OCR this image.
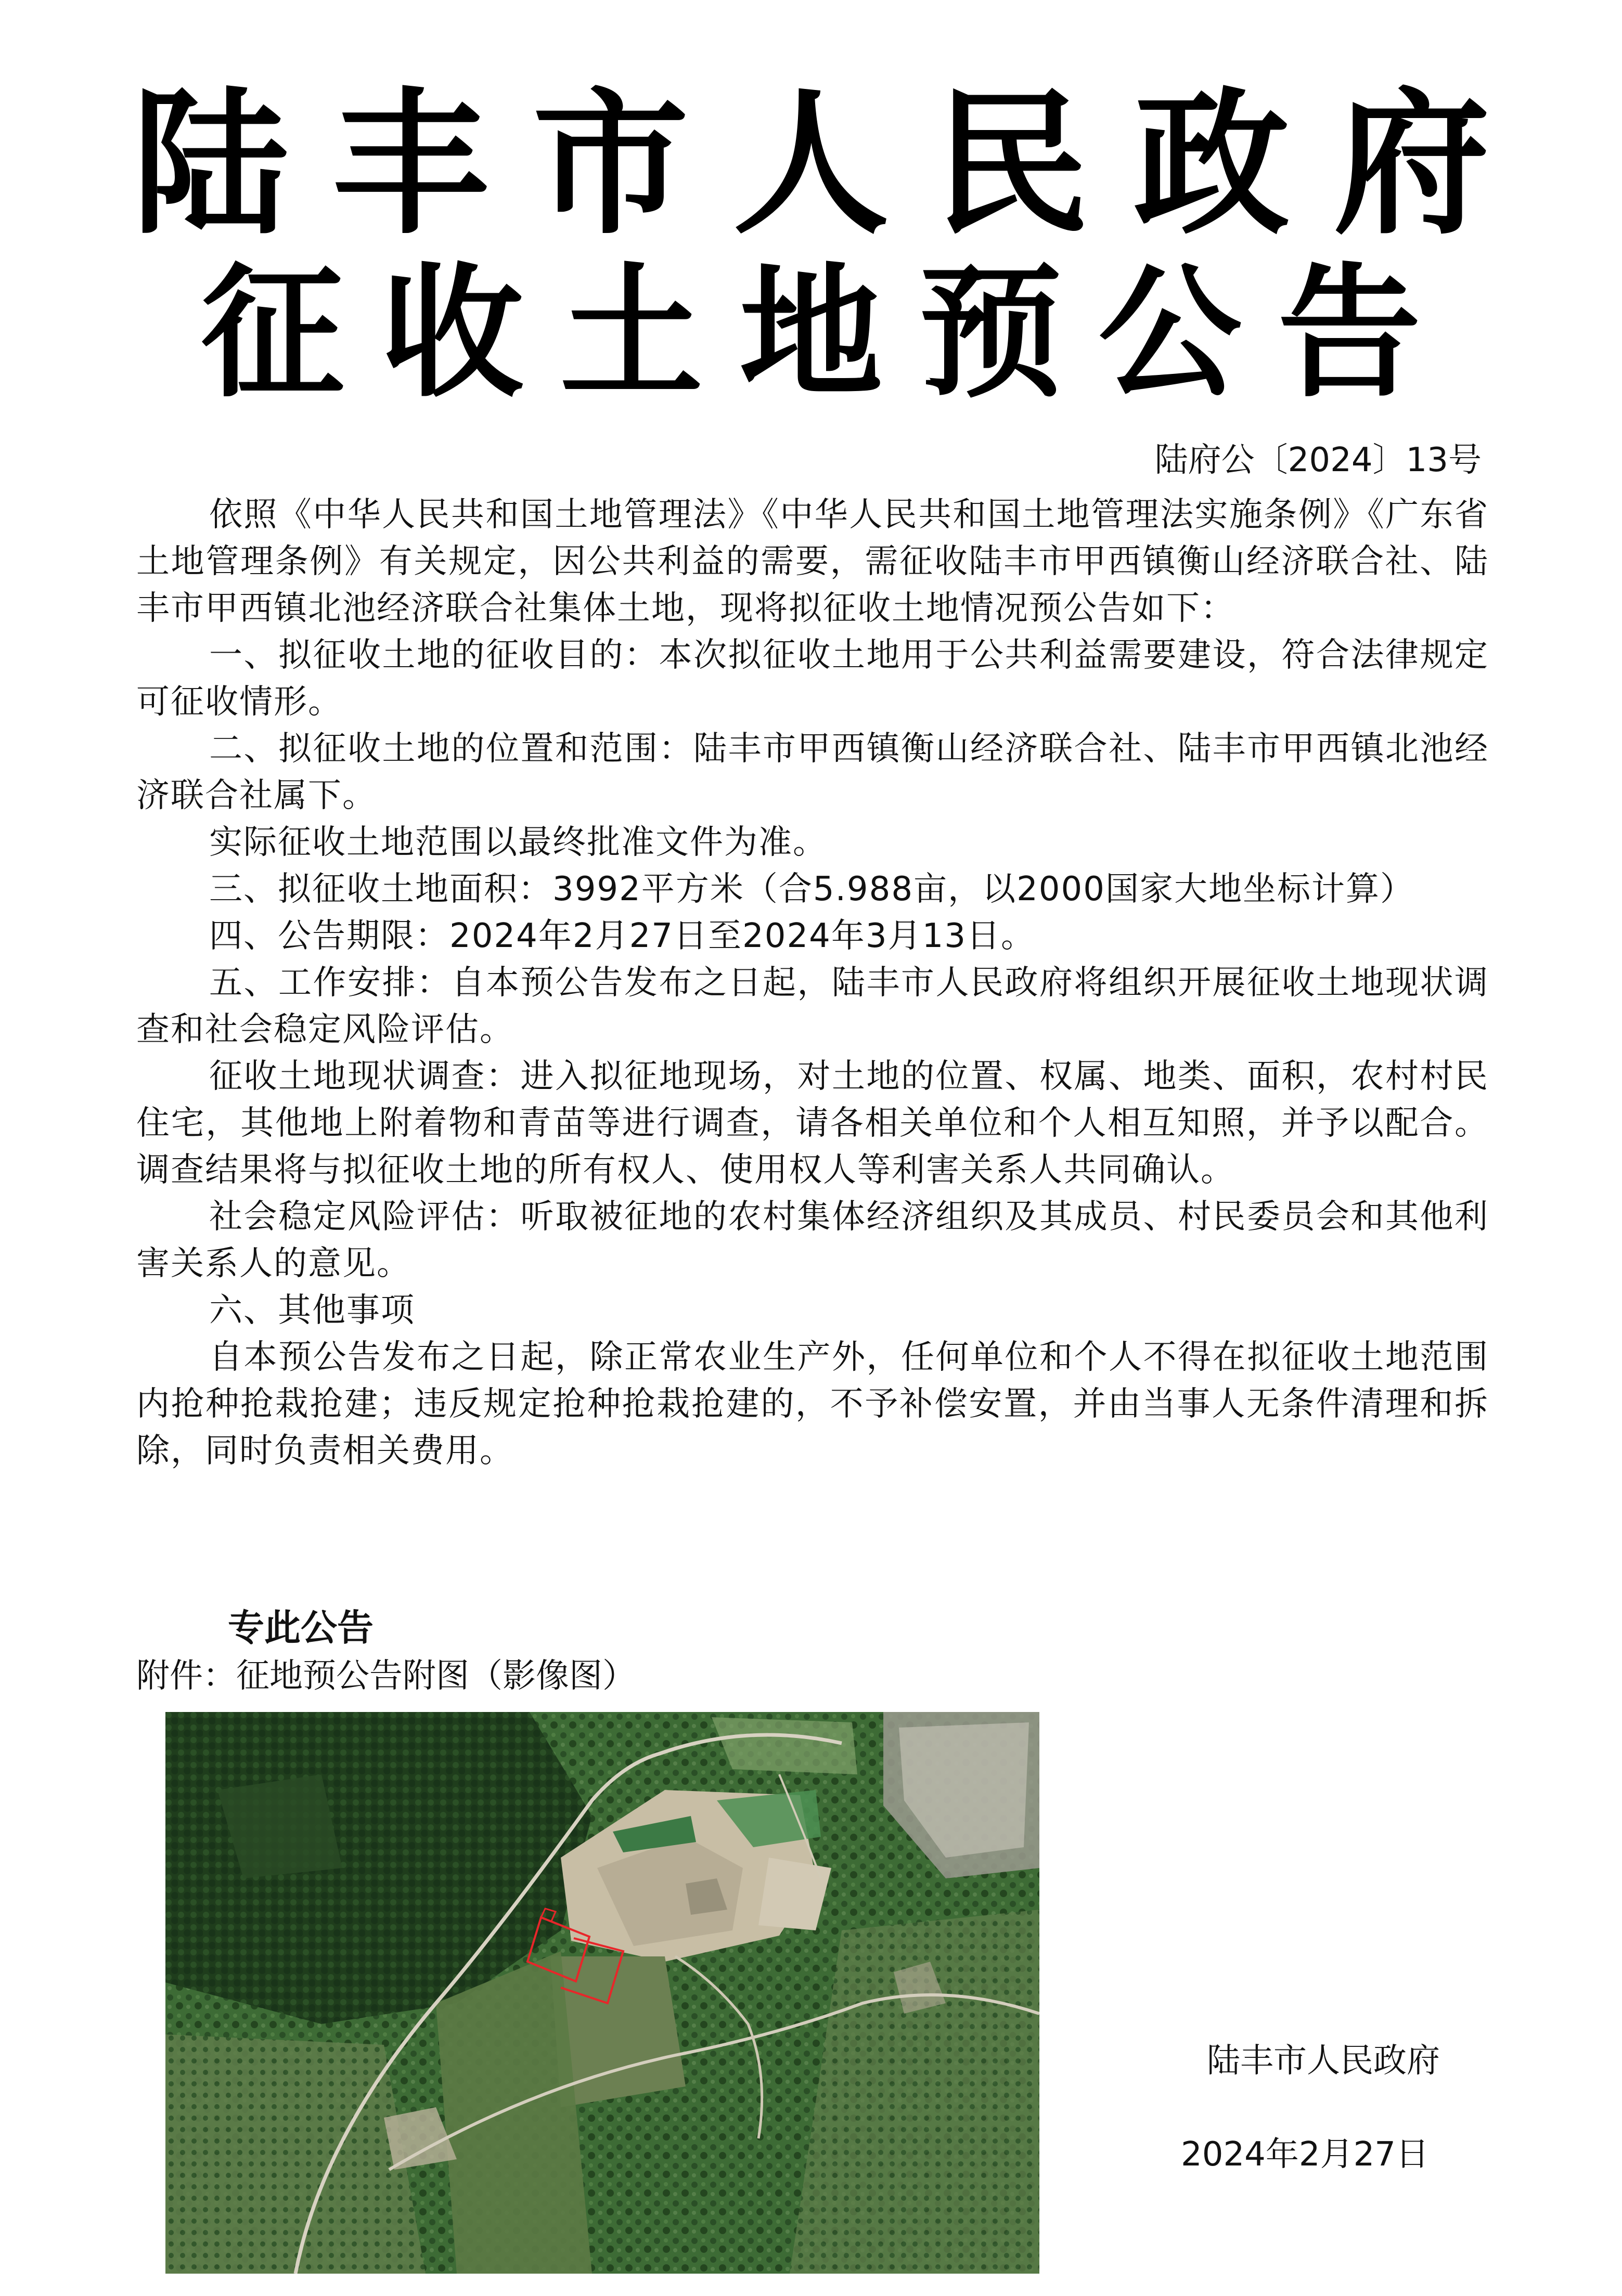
陆丰市人民政府
征收土地预公告
陆府公〔2024〕13号

依照《中华人民共和国土地管理法》《中华人民共和国土地管理法实施条例》《广东省土地管理条例》有关规定，因公共利益的需要，需征收陆丰市甲西镇衡山经济联合社、陆丰市甲西镇北池经济联合社集体土地，现将拟征收土地情况预公告如下：

一、拟征收土地的征收目的：本次拟征收土地用于公共利益需要建设，符合法律规定可征收情形。

二、拟征收土地的位置和范围：陆丰市甲西镇衡山经济联合社、陆丰市甲西镇北池经济联合社属下。

实际征收土地范围以最终批准文件为准。

三、拟征收土地面积：3992平方米（合5.988亩，以2000国家大地坐标计算）

四、公告期限：2024年2月27日至2024年3月13日。

五、工作安排：自本预公告发布之日起，陆丰市人民政府将组织开展征收土地现状调查和社会稳定风险评估。

征收土地现状调查：进入拟征地现场，对土地的位置、权属、地类、面积，农村村民住宅，其他地上附着物和青苗等进行调查，请各相关单位和个人相互知照，并予以配合。调查结果将与拟征收土地的所有权人、使用权人等利害关系人共同确认。

社会稳定风险评估：听取被征地的农村集体经济组织及其成员、村民委员会和其他利害关系人的意见。

六、其他事项

自本预公告发布之日起，除正常农业生产外，任何单位和个人不得在拟征收土地范围内抢种抢栽抢建；违反规定抢种抢栽抢建的，不予补偿安置，并由当事人无条件清理和拆除，同时负责相关费用。

专此公告
附件：征地预公告附图（影像图）
陆丰市人民政府
2024年2月27日
